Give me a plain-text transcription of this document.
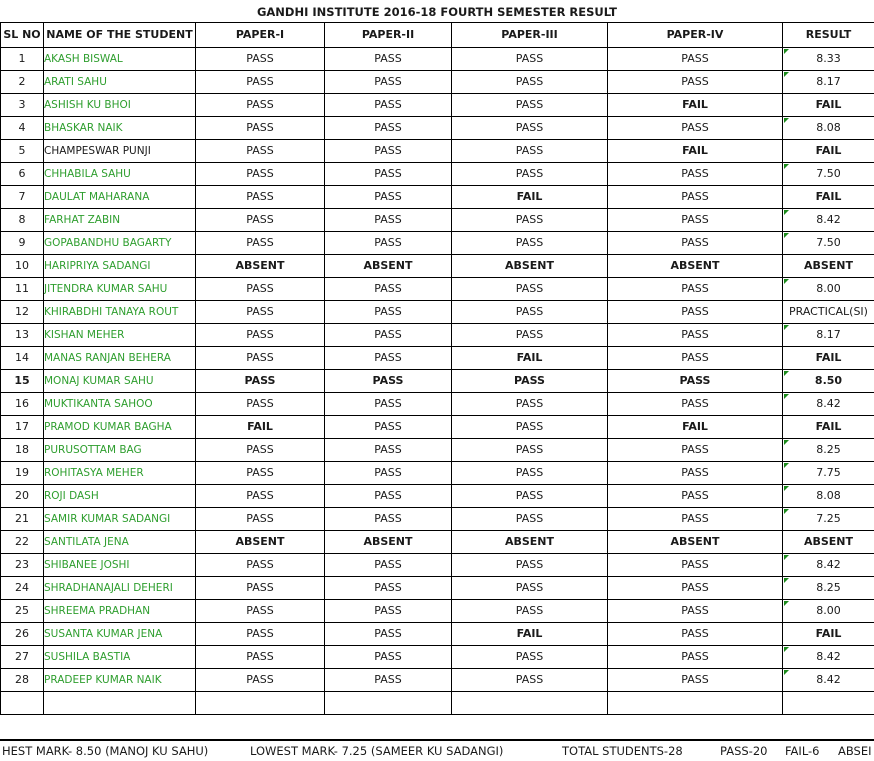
GANDHI INSTITUTE 2016-18 FOURTH SEMESTER RESULT
SL NO	NAME OF THE STUDENT	PAPER-I	PAPER-II	PAPER-III	PAPER-IV	RESULT
1	AKASH BISWAL	PASS	PASS	PASS	PASS	8.33
2	ARATI SAHU	PASS	PASS	PASS	PASS	8.17
3	ASHISH KU BHOI	PASS	PASS	PASS	FAIL	FAIL
4	BHASKAR NAIK	PASS	PASS	PASS	PASS	8.08
5	CHAMPESWAR PUNJI	PASS	PASS	PASS	FAIL	FAIL
6	CHHABILA SAHU	PASS	PASS	PASS	PASS	7.50
7	DAULAT MAHARANA	PASS	PASS	FAIL	PASS	FAIL
8	FARHAT ZABIN	PASS	PASS	PASS	PASS	8.42
9	GOPABANDHU BAGARTY	PASS	PASS	PASS	PASS	7.50
10	HARIPRIYA SADANGI	ABSENT	ABSENT	ABSENT	ABSENT	ABSENT
11	JITENDRA KUMAR SAHU	PASS	PASS	PASS	PASS	8.00
12	KHIRABDHI TANAYA ROUT	PASS	PASS	PASS	PASS	PRACTICAL(SI)
13	KISHAN MEHER	PASS	PASS	PASS	PASS	8.17
14	MANAS RANJAN BEHERA	PASS	PASS	FAIL	PASS	FAIL
15	MONAJ KUMAR SAHU	PASS	PASS	PASS	PASS	8.50
16	MUKTIKANTA SAHOO	PASS	PASS	PASS	PASS	8.42
17	PRAMOD KUMAR BAGHA	FAIL	PASS	PASS	FAIL	FAIL
18	PURUSOTTAM BAG	PASS	PASS	PASS	PASS	8.25
19	ROHITASYA MEHER	PASS	PASS	PASS	PASS	7.75
20	ROJI DASH	PASS	PASS	PASS	PASS	8.08
21	SAMIR KUMAR SADANGI	PASS	PASS	PASS	PASS	7.25
22	SANTILATA JENA	ABSENT	ABSENT	ABSENT	ABSENT	ABSENT
23	SHIBANEE JOSHI	PASS	PASS	PASS	PASS	8.42
24	SHRADHANAJALI DEHERI	PASS	PASS	PASS	PASS	8.25
25	SHREEMA PRADHAN	PASS	PASS	PASS	PASS	8.00
26	SUSANTA KUMAR JENA	PASS	PASS	FAIL	PASS	FAIL
27	SUSHILA BASTIA	PASS	PASS	PASS	PASS	8.42
28	PRADEEP KUMAR NAIK	PASS	PASS	PASS	PASS	8.42

HEST MARK- 8.50 (MANOJ KU SAHU)	LOWEST MARK- 7.25 (SAMEER KU SADANGI)	TOTAL STUDENTS-28	PASS-20 FAIL-6 ABSEI
